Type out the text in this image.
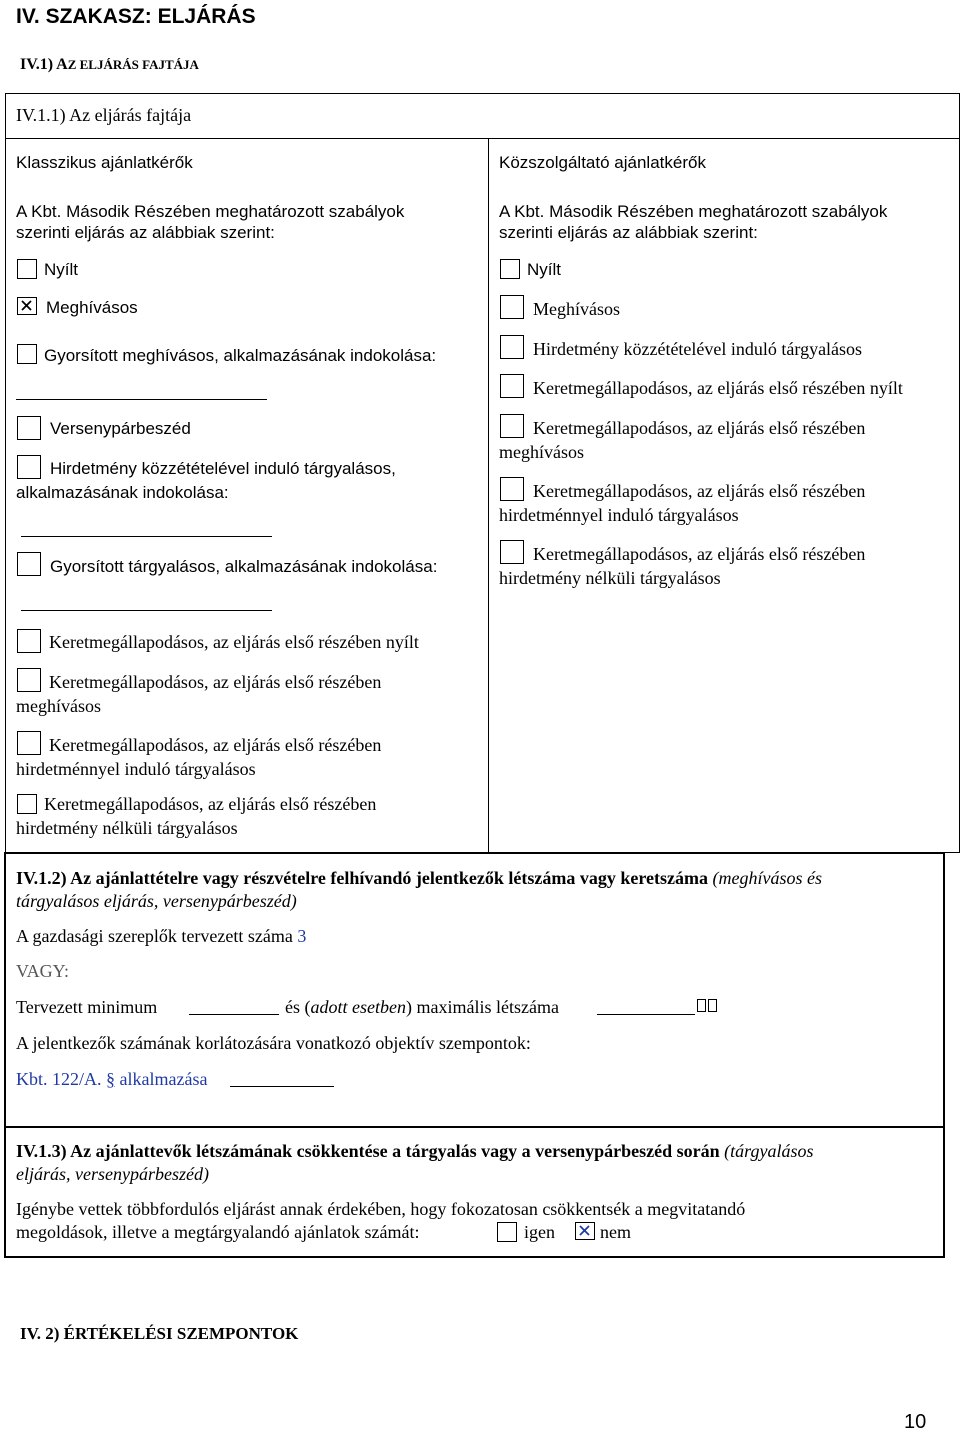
IV. SZAKASZ: ELJÁRÁS
IV.1) AZ ELJÁRÁS FAJTÁJA
IV.1.1) Az eljárás fajtája
Klasszikus ajánlatkérők
A Kbt. Második Részében meghatározott szabályok
szerinti eljárás az alábbiak szerint:
Nyílt
Meghívásos
Gyorsított meghívásos, alkalmazásának indokolása:
Versenypárbeszéd
Hirdetmény közzétételével induló tárgyalásos,
alkalmazásának indokolása:
Gyorsított tárgyalásos, alkalmazásának indokolása:
Keretmegállapodásos, az eljárás első részében nyílt
Keretmegállapodásos, az eljárás első részében
meghívásos
Keretmegállapodásos, az eljárás első részében
hirdetménnyel induló tárgyalásos
Keretmegállapodásos, az eljárás első részében
hirdetmény nélküli tárgyalásos
Közszolgáltató ajánlatkérők
A Kbt. Második Részében meghatározott szabályok
szerinti eljárás az alábbiak szerint:
Nyílt
Meghívásos
Hirdetmény közzétételével induló tárgyalásos
Keretmegállapodásos, az eljárás első részében nyílt
Keretmegállapodásos, az eljárás első részében
meghívásos
Keretmegállapodásos, az eljárás első részében
hirdetménnyel induló tárgyalásos
Keretmegállapodásos, az eljárás első részében
hirdetmény nélküli tárgyalásos
IV.1.2) Az ajánlattételre vagy részvételre felhívandó jelentkezők létszáma vagy keretszáma (meghívásos és
tárgyalásos eljárás, versenypárbeszéd)
A gazdasági szereplők tervezett száma 3
VAGY:
Tervezett minimum	és (adott esetben) maximális létszáma
A jelentkezők számának korlátozására vonatkozó objektív szempontok:
Kbt. 122/A. § alkalmazása
IV.1.3) Az ajánlattevők létszámának csökkentése a tárgyalás vagy a versenypárbeszéd során (tárgyalásos
eljárás, versenypárbeszéd)
Igénybe vettek többfordulós eljárást annak érdekében, hogy fokozatosan csökkentsék a megvitatandó
megoldások, illetve a megtárgyalandó ajánlatok számát:	igen	nem
IV. 2) ÉRTÉKELÉSI SZEMPONTOK
10
